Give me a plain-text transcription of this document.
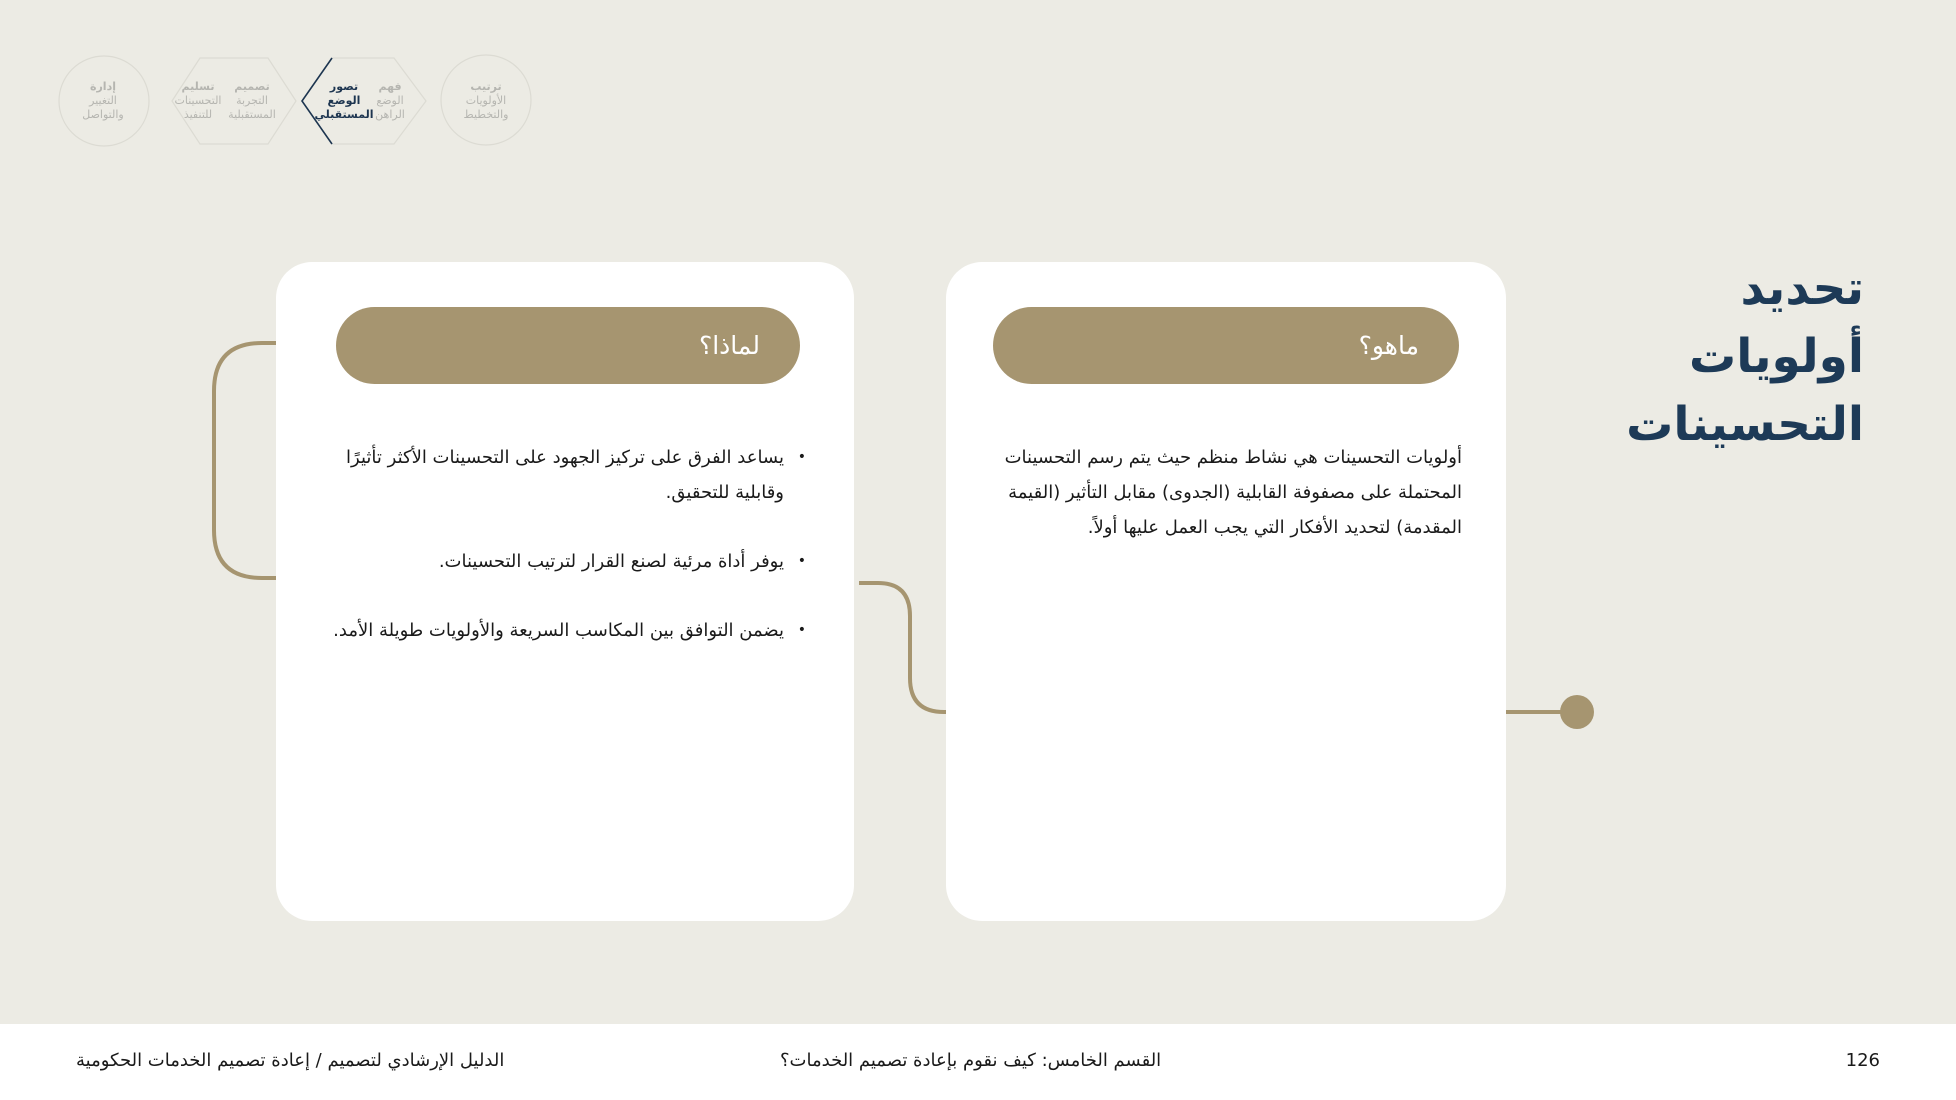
ترتيب
الأولويات
والتخطيط
فهم
الوضع
الراهن
تصور
الوضع
المستقبلي
تصميم
التجربة
المستقبلية
تسليم
التحسينات
للتنفيذ
إدارة
التغيير
والتواصل
تحديد
أولويات
التحسينات
ماهو؟

أولويات التحسينات هي نشاط منظم حيث يتم رسم التحسينات المحتملة على مصفوفة القابلية (الجدوى) مقابل التأثير (القيمة المقدمة) لتحديد الأفكار التي يجب العمل عليها أولاً.

لماذا؟
• يساعد الفرق على تركيز الجهود على التحسينات الأكثر تأثيرًا وقابلية للتحقيق.
• يوفر أداة مرئية لصنع القرار لترتيب التحسينات.
• يضمن التوافق بين المكاسب السريعة والأولويات طويلة الأمد.
126
القسم الخامس: كيف نقوم بإعادة تصميم الخدمات؟
الدليل الإرشادي لتصميم / إعادة تصميم الخدمات الحكومية
